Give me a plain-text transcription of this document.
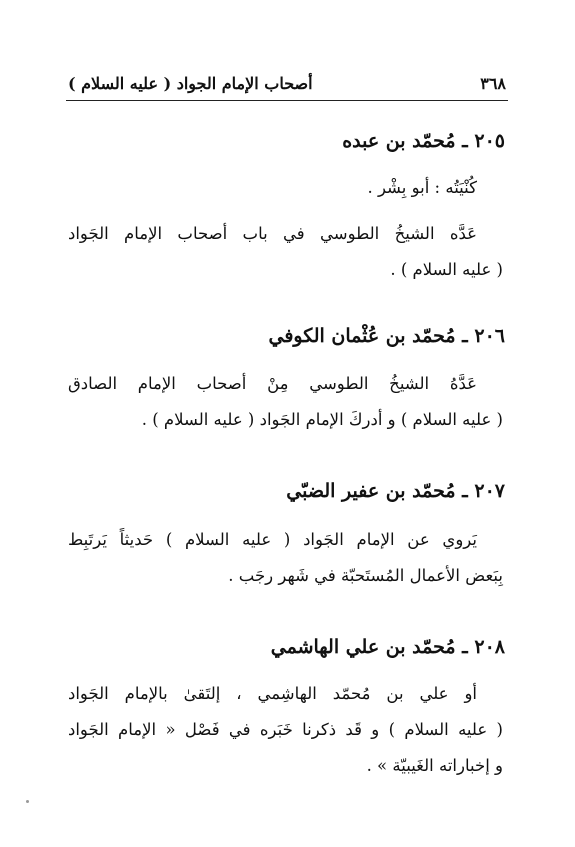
٣٦٨
أصحاب الإمام الجواد ( عليه السلام )
٢٠٥ ـ مُحمّد بن عبده
كُنْيَتُه : أبو بِشْر .
عَدَّه الشيخُ الطوسي في باب أصحاب الإمام الجَواد
( عليه السلام ) .
٢٠٦ ـ مُحمّد بن عُثْمان الكوفي
عَدَّهُ الشيخُ الطوسي مِنْ أصحاب الإمام الصادق
( عليه السلام ) و أدركَ الإمام الجَواد ( عليه السلام ) .
٢٠٧ ـ مُحمّد بن عفير الضبّي
يَروي عن الإمام الجَواد ( عليه السلام ) حَديثاً يَرتَبِط
بِبَعض الأعمال المُستَحبّة في شَهر رجَب .
٢٠٨ ـ مُحمّد بن علي الهاشمي
أو علي بن مُحمّد الهاشِمي ، إلتَقىٰ بالإمام الجَواد
( عليه السلام ) و قَد ذكرنا خَبَره في فَصْل « الإمام الجَواد
و إخباراته الغَيبيّة » .
